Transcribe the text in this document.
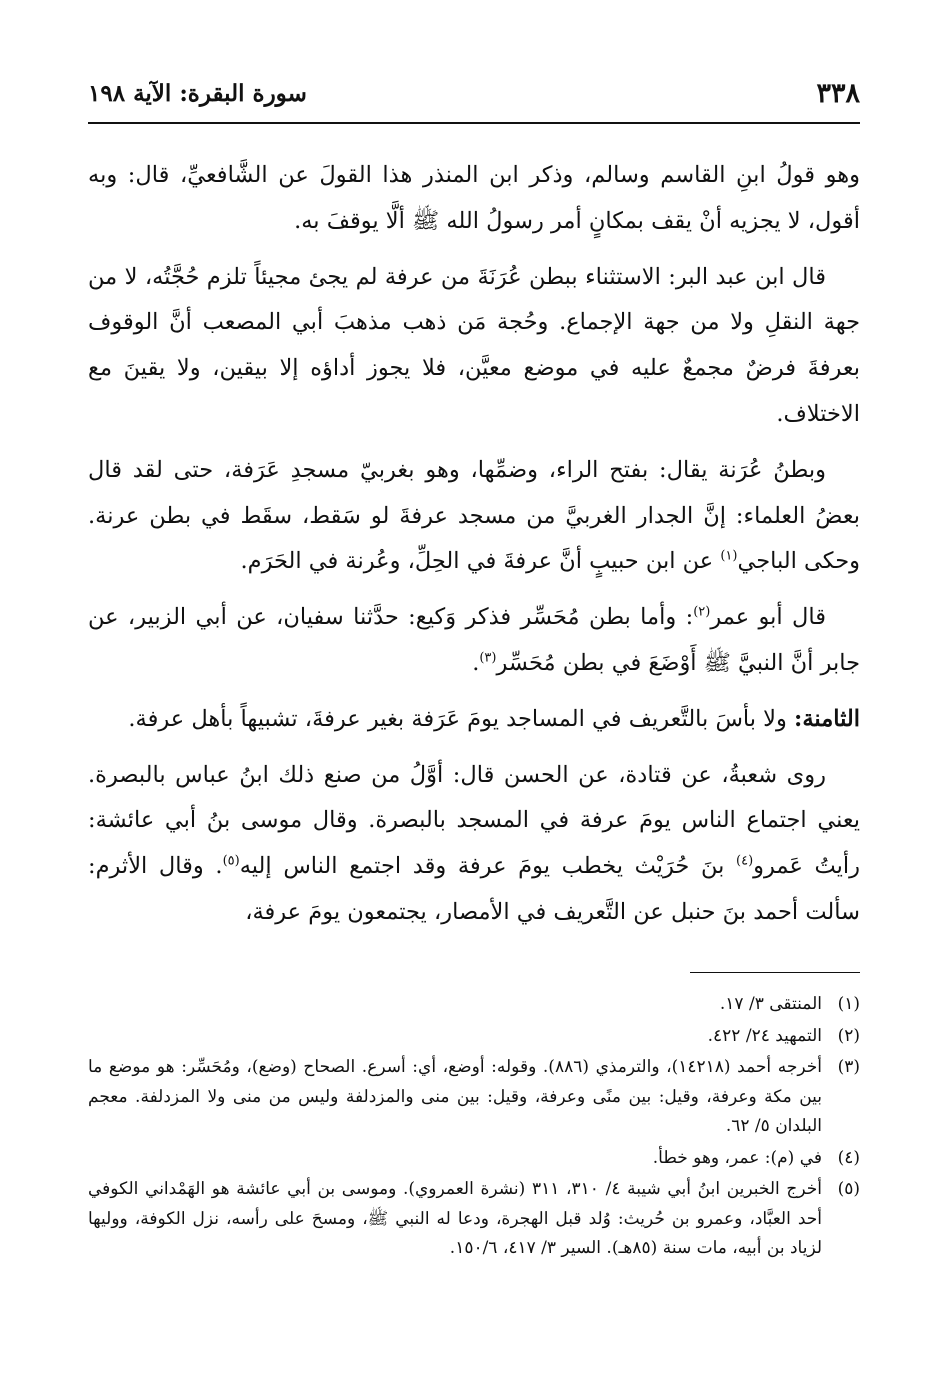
٣٣٨
سورة البقرة: الآية ١٩٨

وهو قولُ ابنِ القاسم وسالم، وذكر ابن المنذر هذا القولَ عن الشَّافعيِّ، قال: وبه أقول، لا يجزيه أنْ يقف بمكانٍ أمر رسولُ الله ﷺ ألَّا يوقفَ به.

قال ابن عبد البر: الاستثناء ببطن عُرَنَةَ من عرفة لم يجئ مجيئاً تلزم حُجَّتُه، لا من جهة النقلِ ولا من جهة الإجماع. وحُجة مَن ذهب مذهبَ أبي المصعب أنَّ الوقوف بعرفةَ فرضٌ مجمعٌ عليه في موضع معيَّن، فلا يجوز أداؤه إلا بيقين، ولا يقينَ مع الاختلاف.

وبطنُ عُرَنة يقال: بفتح الراء، وضمِّها، وهو بغربيّ مسجدِ عَرَفة، حتى لقد قال بعضُ العلماء: إنَّ الجدار الغربيَّ من مسجد عرفةَ لو سَقط، سقَط في بطن عرنة. وحكى الباجي$^{(١)}$ عن ابن حبيبٍ أنَّ عرفةَ في الحِلِّ، وعُرنة في الحَرَم.

قال أبو عمر$^{(٢)}$: وأما بطن مُحَسِّر فذكر وَكيع: حدَّثنا سفيان، عن أبي الزبير، عن جابر أنَّ النبيَّ ﷺ أَوْضَعَ في بطن مُحَسِّر$^{(٣)}$.

الثامنة: ولا بأسَ بالتَّعريف في المساجد يومَ عَرَفة بغير عرفةَ، تشبيهاً بأهل عرفة.

روى شعبةُ، عن قتادة، عن الحسن قال: أوَّلُ من صنع ذلك ابنُ عباس بالبصرة. يعني اجتماع الناس يومَ عرفة في المسجد بالبصرة. وقال موسى بنُ أبي عائشة: رأيتُ عَمرو$^{(٤)}$ بنَ حُرَيْث يخطب يومَ عرفة وقد اجتمع الناس إليه$^{(٥)}$. وقال الأثرم: سألت أحمد بنَ حنبل عن التَّعريف في الأمصار، يجتمعون يومَ عرفة،

(١)
المنتقى ٣/ ١٧.
(٢)
التمهيد ٢٤/ ٤٢٢.
(٣)
أخرجه أحمد (١٤٢١٨)، والترمذي (٨٨٦). وقوله: أوضع، أي: أسرع. الصحاح (وضع)، ومُحَسِّر: هو موضع ما بين مكة وعرفة، وقيل: بين منًى وعرفة، وقيل: بين منى والمزدلفة وليس من منى ولا المزدلفة. معجم البلدان ٥/ ٦٢.
(٤)
في (م): عمر، وهو خطأ.
(٥)
أخرج الخبرين ابنُ أبي شيبة ٤/ ٣١٠، ٣١١ (نشرة العمروي). وموسى بن أبي عائشة هو الهَمْداني الكوفي أحد العبَّاد، وعمرو بن حُريث: وُلد قبل الهجرة، ودعا له النبي ﷺ، ومسحَ على رأسه، نزل الكوفة، ووليها لزياد بن أبيه، مات سنة (٨٥هـ). السير ٣/ ٤١٧، ١٥٠/٦.
